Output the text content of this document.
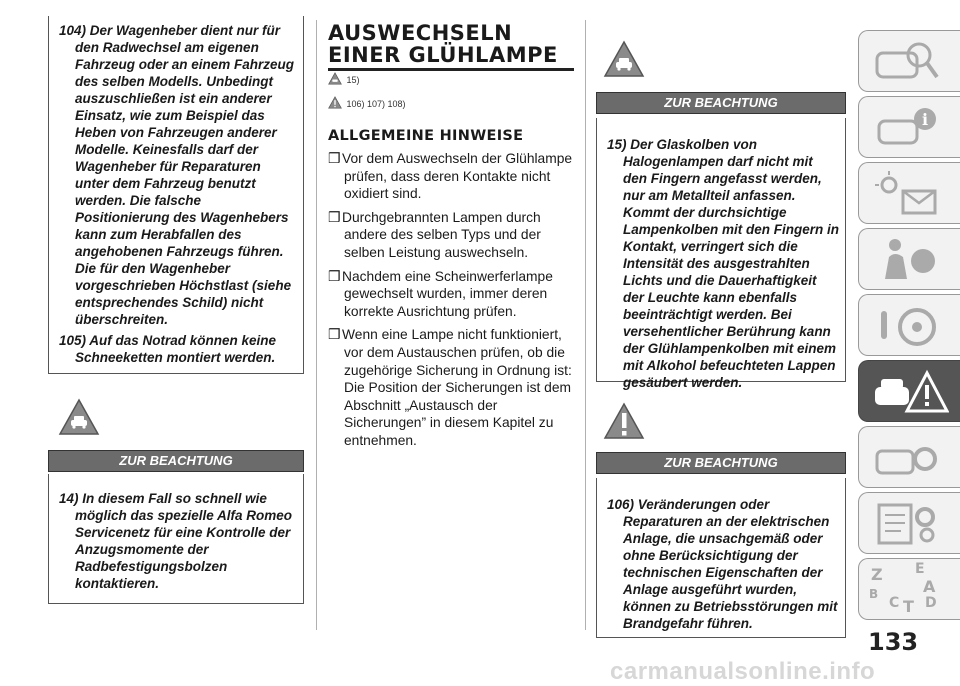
104) Der Wagenheber dient nur für den Radwechsel am eigenen Fahrzeug oder an einem Fahrzeug des selben Modells. Unbedingt auszuschließen ist ein anderer Einsatz, wie zum Beispiel das Heben von Fahrzeugen anderer Modelle. Keinesfalls darf der Wagenheber für Reparaturen unter dem Fahrzeug benutzt werden. Die falsche Positionierung des Wagenhebers kann zum Herabfallen des angehobenen Fahrzeugs führen. Die für den Wagenheber vorgeschrieben Höchstlast (siehe entsprechendes Schild) nicht überschreiten.

105) Auf das Notrad können keine Schneeketten montiert werden.

ZUR BEACHTUNG

14) In diesem Fall so schnell wie möglich das spezielle Alfa Romeo Servicenetz für eine Kontrolle der Anzugsmomente der Radbefestigungsbolzen kontaktieren.

AUSWECHSELN EINER GLÜHLAMPE
15)
106) 107) 108)
ALLGEMEINE HINWEISE

❒ Vor dem Auswechseln der Glühlampe prüfen, dass deren Kontakte nicht oxidiert sind.

❒ Durchgebrannten Lampen durch andere des selben Typs und der selben Leistung auswechseln.

❒ Nachdem eine Scheinwerferlampe gewechselt wurden, immer deren korrekte Ausrichtung prüfen.

❒ Wenn eine Lampe nicht funktioniert, vor dem Austauschen prüfen, ob die zugehörige Sicherung in Ordnung ist: Die Position der Sicherungen ist dem Abschnitt „Austausch der Sicherungen” in diesem Kapitel zu entnehmen.

ZUR BEACHTUNG

15) Der Glaskolben von Halogenlampen darf nicht mit den Fingern angefasst werden, nur am Metallteil anfassen. Kommt der durchsichtige Lampenkolben mit den Fingern in Kontakt, verringert sich die Intensität des ausgestrahlten Lichts und die Dauerhaftigkeit der Leuchte kann ebenfalls beeinträchtigt werden. Bei versehentlicher Berührung kann der Glühlampenkolben mit einem mit Alkohol befeuchteten Lappen gesäubert werden.

ZUR BEACHTUNG

106) Veränderungen oder Reparaturen an der elektrischen Anlage, die unsachgemäß oder ohne Berücksichtigung der technischen Eigenschaften der Anlage ausgeführt wurden, können zu Betriebsstörungen mit Brandgefahr führen.

i
Z E
A
B
C T D
133
carmanualsonline.info
